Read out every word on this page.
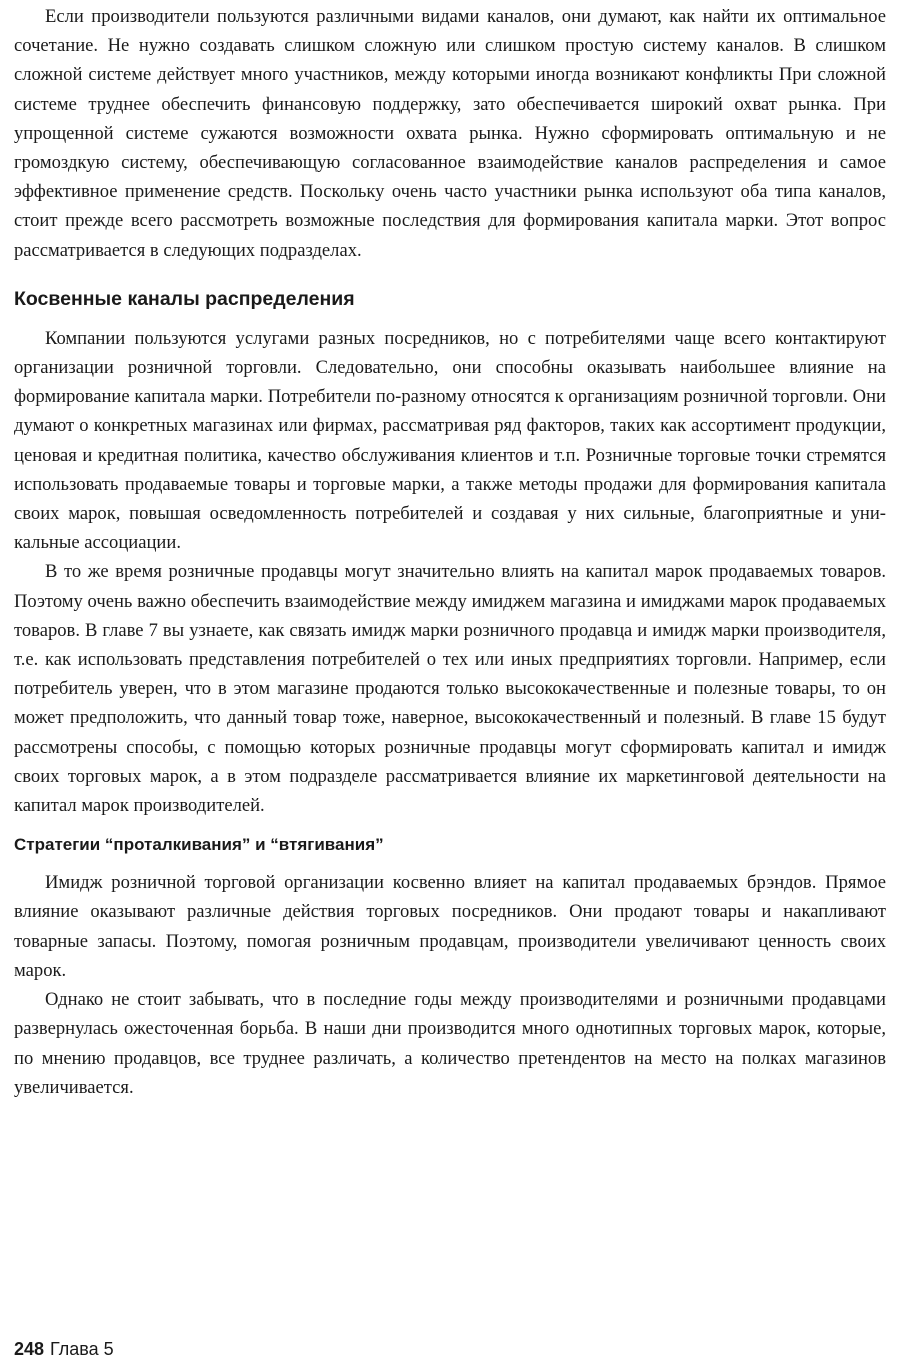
Если производители пользуются различными видами каналов, они думают, как найти их оптимальное сочетание. Не нужно создавать слишком сложную или слишком простую систему каналов. В слишком сложной системе действует много участников, между которыми иногда возникают конфликты При сложной системе труднее обеспечить финансовую поддержку, зато обеспечивается широкий охват рынка. При упрощенной системе сужаются возможности охвата рынка. Нужно сформировать оптимальную и не громоздкую систему, обеспечивающую согласованное взаимодействие каналов распределения и самое эффективное применение средств. Поскольку очень часто участники рынка используют оба типа каналов, стоит прежде всего рассмотреть возможные последствия для формирования капитала марки. Этот вопрос рассматривается в следующих подразделах.

Косвенные каналы распределения

Компании пользуются услугами разных посредников, но с потребителями чаще всего контактируют организации розничной торговли. Следовательно, они способны оказывать наибольшее влияние на формирование капитала марки. Потребители по-разному относятся к организациям розничной торговли. Они думают о конкретных магазинах или фирмах, рассматривая ряд факторов, таких как ассортимент продукции, ценовая и кредитная политика, качество обслуживания клиентов и т.п. Розничные торговые точки стремятся использовать продаваемые товары и торговые марки, а также методы продажи для формирования капитала своих марок, повышая осведомленность потребителей и создавая у них сильные, благоприятные и уникальные ассоциации.

В то же время розничные продавцы могут значительно влиять на капитал марок продаваемых товаров. Поэтому очень важно обеспечить взаимодействие между имиджем магазина и имиджами марок продаваемых товаров. В главе 7 вы узнаете, как связать имидж марки розничного продавца и имидж марки производителя, т.е. как использовать представления потребителей о тех или иных предприятиях торговли. Например, если потребитель уверен, что в этом магазине продаются только высококачественные и полезные товары, то он может предположить, что данный товар тоже, наверное, высококачественный и полезный. В главе 15 будут рассмотрены способы, с помощью которых розничные продавцы могут сформировать капитал и имидж своих торговых марок, а в этом подразделе рассматривается влияние их маркетинговой деятельности на капитал марок производителей.

Стратегии “проталкивания” и “втягивания”

Имидж розничной торговой организации косвенно влияет на капитал продаваемых брэндов. Прямое влияние оказывают различные действия торговых посредников. Они продают товары и накапливают товарные запасы. Поэтому, помогая розничным продавцам, производители увеличивают ценность своих марок.

Однако не стоит забывать, что в последние годы между производителями и розничными продавцами развернулась ожесточенная борьба. В наши дни производится много однотипных торговых марок, которые, по мнению продавцов, все труднее различать, а количество претендентов на место на полках магазинов увеличивается.

248 Глава 5
